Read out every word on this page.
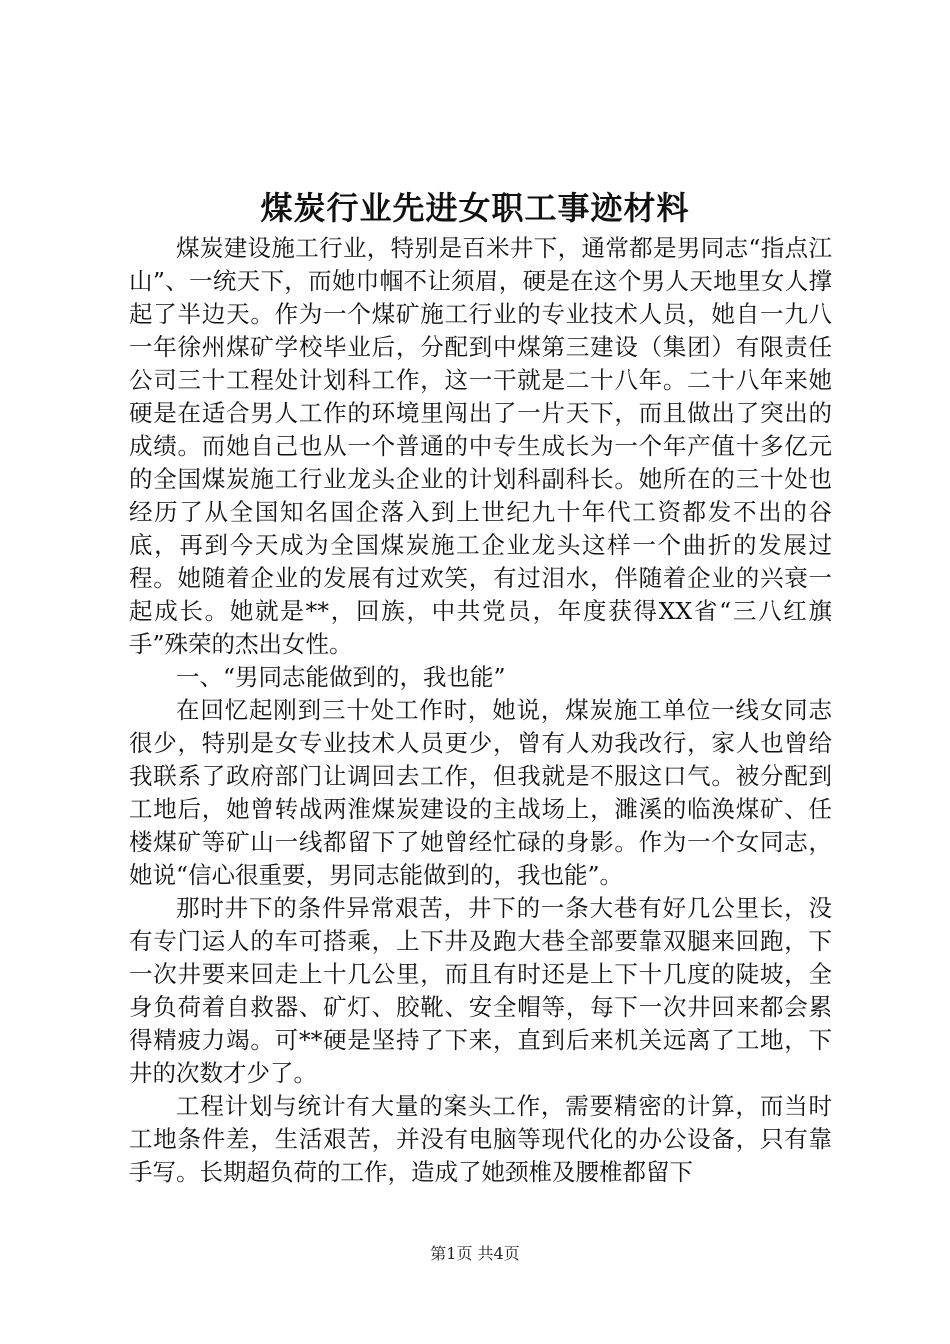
煤炭行业先进女职工事迹材料

煤炭建设施工行业，特别是百米井下，通常都是男同志“指点江山”、一统天下，而她巾帼不让须眉，硬是在这个男人天地里女人撑起了半边天。作为一个煤矿施工行业的专业技术人员，她自一九八一年徐州煤矿学校毕业后，分配到中煤第三建设（集团）有限责任公司三十工程处计划科工作，这一干就是二十八年。二十八年来她硬是在适合男人工作的环境里闯出了一片天下，而且做出了突出的成绩。而她自己也从一个普通的中专生成长为一个年产值十多亿元的全国煤炭施工行业龙头企业的计划科副科长。她所在的三十处也经历了从全国知名国企落入到上世纪九十年代工资都发不出的谷底，再到今天成为全国煤炭施工企业龙头这样一个曲折的发展过程。她随着企业的发展有过欢笑，有过泪水，伴随着企业的兴衰一起成长。她就是**，回族，中共党员，年度获得XX省“三八红旗手”殊荣的杰出女性。

一、“男同志能做到的，我也能”

在回忆起刚到三十处工作时，她说，煤炭施工单位一线女同志很少，特别是女专业技术人员更少，曾有人劝我改行，家人也曾给我联系了政府部门让调回去工作，但我就是不服这口气。被分配到工地后，她曾转战两淮煤炭建设的主战场上，濉溪的临涣煤矿、任楼煤矿等矿山一线都留下了她曾经忙碌的身影。作为一个女同志，她说“信心很重要，男同志能做到的，我也能”。

那时井下的条件异常艰苦，井下的一条大巷有好几公里长，没有专门运人的车可搭乘，上下井及跑大巷全部要靠双腿来回跑，下一次井要来回走上十几公里，而且有时还是上下十几度的陡坡，全身负荷着自救器、矿灯、胶靴、安全帽等，每下一次井回来都会累得精疲力竭。可**硬是坚持了下来，直到后来机关远离了工地，下井的次数才少了。

工程计划与统计有大量的案头工作，需要精密的计算，而当时工地条件差，生活艰苦，并没有电脑等现代化的办公设备，只有靠手写。长期超负荷的工作，造成了她颈椎及腰椎都留下

第1页 共4页
